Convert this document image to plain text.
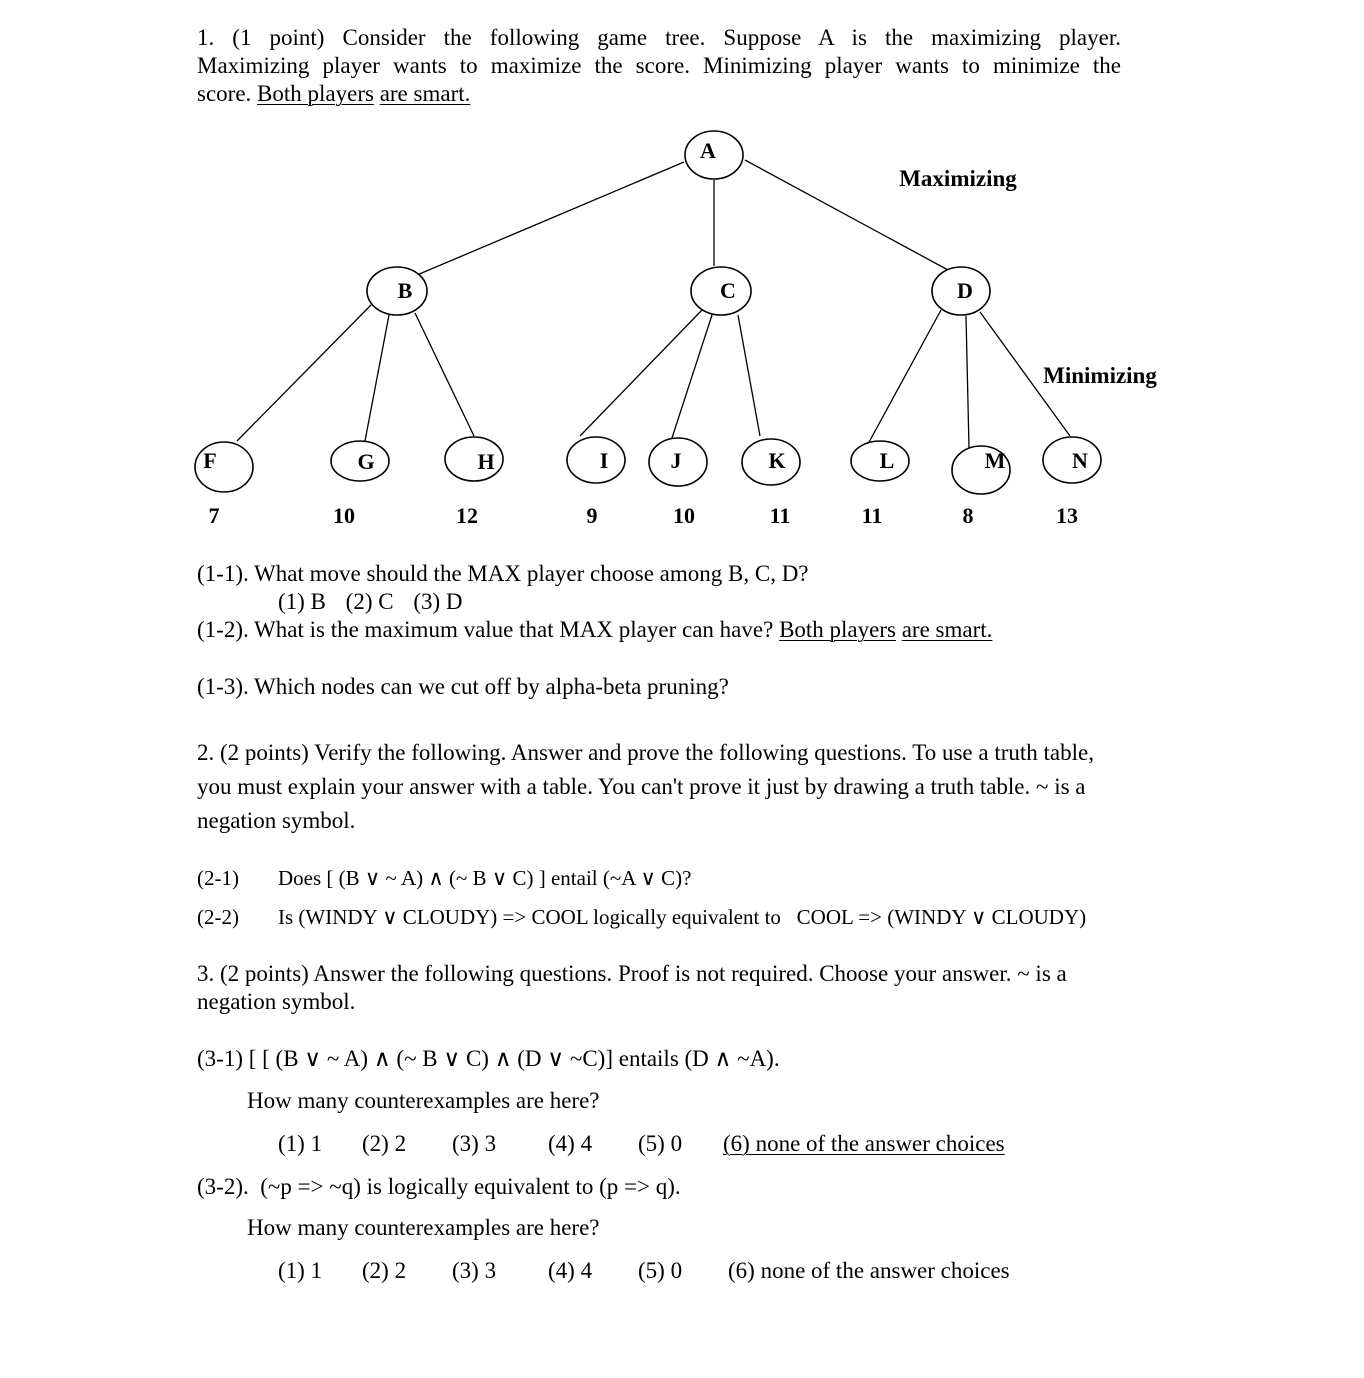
1. (1 point) Consider the following game tree. Suppose A is the maximizing player.
Maximizing player wants to maximize the score. Minimizing player wants to minimize the
score. Both players are smart.
A
B	C	D
F	G	H	I	J	K	L	M	N
7	10	12	9	10	11	11	8	13
Maximizing
Minimizing
(1-1). What move should the MAX player choose among B, C, D?
(1) B (2) C (3) D
(1-2). What is the maximum value that MAX player can have? Both players are smart.
(1-3). Which nodes can we cut off by alpha-beta pruning?
2. (2 points) Verify the following. Answer and prove the following questions. To use a truth table,
you must explain your answer with a table. You can't prove it just by drawing a truth table. ~ is a
negation symbol.
(2-1) Does [ (B ∨ ~ A) ∧ (~ B ∨ C) ] entail (~A ∨ C)?
(2-2) Is (WINDY ∨ CLOUDY) => COOL logically equivalent to   COOL => (WINDY ∨ CLOUDY)
3. (2 points) Answer the following questions. Proof is not required. Choose your answer. ~ is a
negation symbol.
(3-1) [ [ (B ∨ ~ A) ∧ (~ B ∨ C) ∧ (D ∨ ~C)] entails (D ∧ ~A).
How many counterexamples are here?
(1) 1 (2) 2 (3) 3 (4) 4 (5) 0 (6) none of the answer choices
(3-2).  (~p => ~q) is logically equivalent to (p => q).
How many counterexamples are here?
(1) 1 (2) 2 (3) 3 (4) 4 (5) 0 (6) none of the answer choices
